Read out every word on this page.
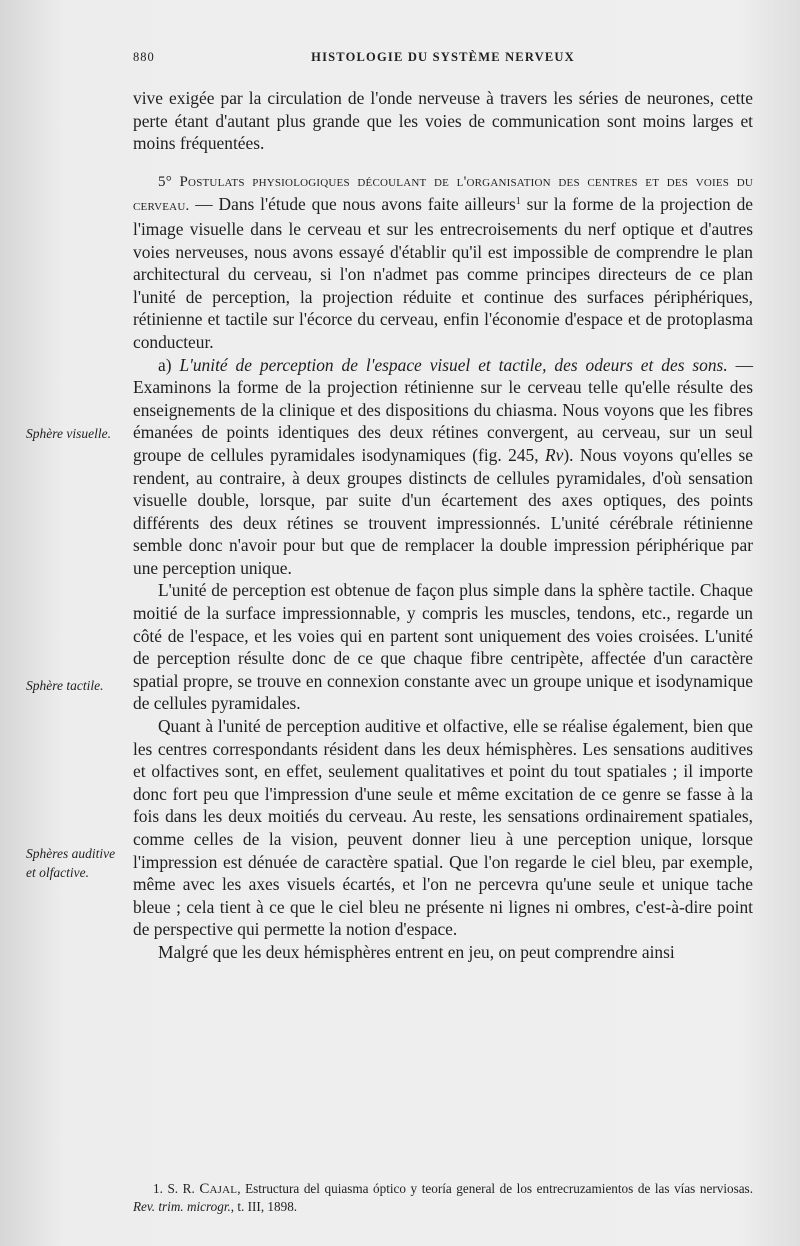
880	HISTOLOGIE DU SYSTÈME NERVEUX
Sphère visuelle.
Sphère tactile.
Sphères auditive et olfactive.

vive exigée par la circulation de l'onde nerveuse à travers les séries de neurones, cette perte étant d'autant plus grande que les voies de communication sont moins larges et moins fréquentées.

5° Postulats physiologiques découlant de l'organisation des centres et des voies du cerveau. — Dans l'étude que nous avons faite ailleurs$^1$ sur la forme de la projection de l'image visuelle dans le cerveau et sur les entrecroisements du nerf optique et d'autres voies nerveuses, nous avons essayé d'établir qu'il est impossible de comprendre le plan architectural du cerveau, si l'on n'admet pas comme principes directeurs de ce plan l'unité de perception, la projection réduite et continue des surfaces périphériques, rétinienne et tactile sur l'écorce du cerveau, enfin l'économie d'espace et de protoplasma conducteur.

a) L'unité de perception de l'espace visuel et tactile, des odeurs et des sons. — Examinons la forme de la projection rétinienne sur le cerveau telle qu'elle résulte des enseignements de la clinique et des dispositions du chiasma. Nous voyons que les fibres émanées de points identiques des deux rétines convergent, au cerveau, sur un seul groupe de cellules pyramidales isodynamiques (fig. 245, Rv). Nous voyons qu'elles se rendent, au contraire, à deux groupes distincts de cellules pyramidales, d'où sensation visuelle double, lorsque, par suite d'un écartement des axes optiques, des points différents des deux rétines se trouvent impressionnés. L'unité cérébrale rétinienne semble donc n'avoir pour but que de remplacer la double impression périphérique par une perception unique.

L'unité de perception est obtenue de façon plus simple dans la sphère tactile. Chaque moitié de la surface impressionnable, y compris les muscles, tendons, etc., regarde un côté de l'espace, et les voies qui en partent sont uniquement des voies croisées. L'unité de perception résulte donc de ce que chaque fibre centripète, affectée d'un caractère spatial propre, se trouve en connexion constante avec un groupe unique et isodynamique de cellules pyramidales.

Quant à l'unité de perception auditive et olfactive, elle se réalise également, bien que les centres correspondants résident dans les deux hémisphères. Les sensations auditives et olfactives sont, en effet, seulement qualitatives et point du tout spatiales ; il importe donc fort peu que l'impression d'une seule et même excitation de ce genre se fasse à la fois dans les deux moitiés du cerveau. Au reste, les sensations ordinairement spatiales, comme celles de la vision, peuvent donner lieu à une perception unique, lorsque l'impression est dénuée de caractère spatial. Que l'on regarde le ciel bleu, par exemple, même avec les axes visuels écartés, et l'on ne percevra qu'une seule et unique tache bleue ; cela tient à ce que le ciel bleu ne présente ni lignes ni ombres, c'est-à-dire point de perspective qui permette la notion d'espace.

Malgré que les deux hémisphères entrent en jeu, on peut comprendre ainsi

1. S. R. Cajal, Estructura del quiasma óptico y teoría general de los entrecruzamientos de las vías nerviosas. Rev. trim. microgr., t. III, 1898.
